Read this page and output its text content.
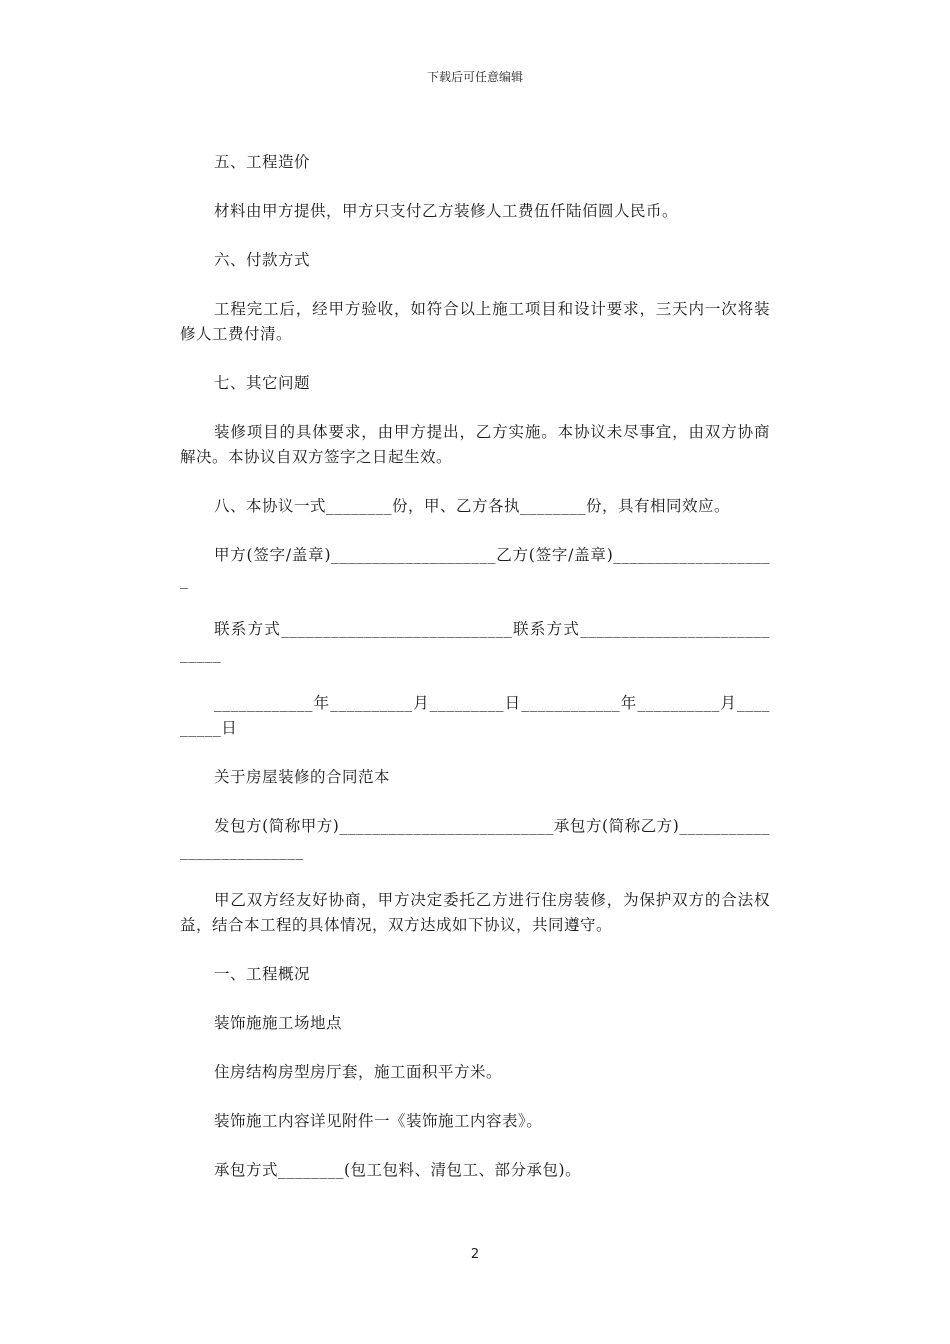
下载后可任意编辑

五、工程造价

材料由甲方提供，甲方只支付乙方装修人工费伍仟陆佰圆人民币。

六、付款方式

工程完工后，经甲方验收，如符合以上施工项目和设计要求，三天内一次将装修人工费付清。

七、其它问题

装修项目的具体要求，由甲方提出，乙方实施。本协议未尽事宜，由双方协商解决。本协议自双方签字之日起生效。

八、本协议一式________份，甲、乙方各执________份，具有相同效应。

甲方(签字/盖章)____________________乙方(签字/盖章)____________________

联系方式____________________________联系方式____________________________

____________年__________月_________日____________年__________月_________日

关于房屋装修的合同范本

发包方(简称甲方)__________________________承包方(简称乙方)__________________________

甲乙双方经友好协商，甲方决定委托乙方进行住房装修，为保护双方的合法权益，结合本工程的具体情况，双方达成如下协议，共同遵守。

一、工程概况

装饰施施工场地点

住房结构房型房厅套，施工面积平方米。

装饰施工内容详见附件一《装饰施工内容表》。

承包方式________(包工包料、清包工、部分承包)。

2
